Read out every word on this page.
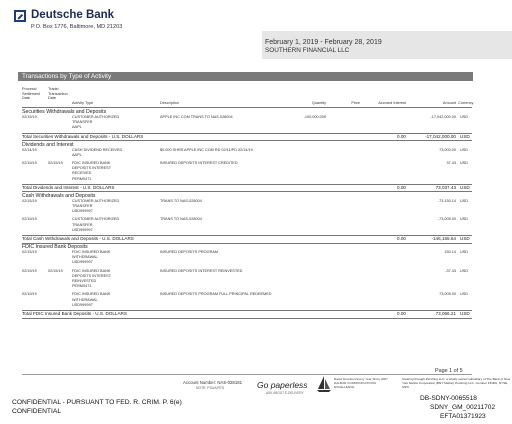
Deutsche Bank
P.O. Box 1776, Baltimore, MD 21203
February 1, 2019 - February 28, 2019
SOUTHERN FINANCIAL LLC
Transactions by Type of Activity
Process/ Settlement Date
Trade/ Transaction Date
Activity Type	Description	Quantity	Price	Accrued Interest	Amount Currency
Securities Withdrawals and Deposits
02/15/19	CUSTOMER AUTHORIZED
TRANSFER
AAPL
APPLE INC COM TRANS TO NAS-028004	-100,000.000	-17,042,000.00 USD
Total Securities Withdrawals and Deposits - U.S. DOLLARS	0.00	-17,042,000.00 USD
Dividends and Interest
02/14/19	CASH DIVIDEND RECEIVED
AAPL
$0.000 SHRS APPLE INC COM RD 02/11/PD 02/14/19	73,000.00 USD
02/19/19	02/15/19 FDIC INSURED BANK
DEPOSITS INTEREST
RECEIVED
PERM0471
INSURED DEPOSITS INTEREST CREDITED	37.43 USD
Total Dividends and Interest - U.S. DOLLARS	0.00	73,037.43 USD
Cash Withdrawals and Deposits
02/15/19	CUSTOMER AUTHORIZED
TRANSFER
USD999997
TRANS TO NAS-028004	-73,150.14 USD
02/19/19	CUSTOMER AUTHORIZED
TRANSFER
USD999997
TRANS TO NAS-028004	-73,005.00 USD
Total Cash Withdrawals and Deposits - U.S. DOLLARS	0.00	-146,155.64 USD
FDIC Insured Bank Deposits
02/15/19	FDIC INSURED BANK
WITHDRAWAL
USD999997
INSURED DEPOSITS PROGRAM	150.14 USD
02/19/19	02/15/19 FDIC INSURED BANK
DEPOSITS INTEREST
REINVESTED
PERM0471
INSURED DEPOSITS INTEREST REINVESTED	-37.43 USD
02/19/19	FDIC INSURED BANK
WITHDRAWAL
USD999997
INSURED DEPOSITS PROGRAM FULL PRINCIPAL REDEEMED	73,005.00 USD
Total FDIC Insured Bank Deposits - U.S. DOLLARS	0.00	73,066.21 USD
Page 1 of 5
Account Number: NAS-028181
NOTE: PSUA/RTS	Go paperless
ASK ABOUT E-DELIVERY
Rated Excellent Every Year Since 2007 DALBAR COMMUNICATIONS EXCELLENCE
Clearing through Pershing LLC, a wholly owned subsidiary of The Bank of New York Mellon Corporation (BNY Mellon) Pershing LLC, member FINRA, NYSE, SIPC
CONFIDENTIAL - PURSUANT TO FED. R. CRIM. P. 6(e)
CONFIDENTIAL
DB-SDNY-0065518
SDNY_GM_00211702
EFTA01371923
